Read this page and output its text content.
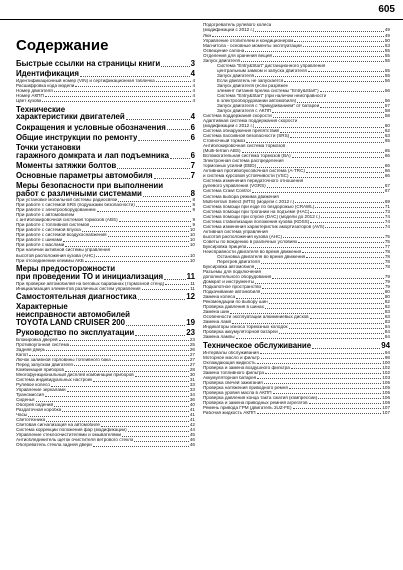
605
Содержание
Быстрые ссылки на страницы книги	3
Идентификация	4
Идентификационный номер (VIN) и сертификационная табличка	4
Расшифровка кода модели	4
Номер двигателя	4
Номер АКПП	4
Цвет кузова	4
Технические
характеристики двигателей	4
Сокращения и условные обозначения	6
Общие инструкции по ремонту	6
Точки установки
гаражного домкрата и лап подъемника	6
Моменты затяжки болтов	7
Основные параметры автомобиля	7
Меры безопасности при выполнении
работ с различными системами	8
При установке мобильной системы радиосвязи	8
При работе с системой SRS (подушками безопасности)	8
При работе с электрооборудованием	9
При работе с автомобилем
с антиблокировочной системой тормозов (ABS)	9
При работе с топливной системой	9
При работе с системой впуска	10
При работе с системой воздухоснабжения	10
При работе с шинами	10
При работе с маслами	10
При наличии активной системы управления
высотой расположения кузова (AHC)	10
При отсоединении клеммы АКБ	10
Меры предосторожности
при проведении ТО и инициализация	11
При проверке автомобилей на беговых барабанах (тормозной стенд)	11
Инициализация элементов различных систем управления	11
Самостоятельная диагностика	12
Характерные
неисправности автомобилей
TOYOTA LAND CRUISER 200	19
Руководство по эксплуатации	23
Блокировка дверей	23
Противоугонная система	25
Задняя дверь	26
Капот	27
Лючок заливной горловины топливного бака	27
Перед запуском двигателя	27
Комбинация приборов	28
Многофункциональный дисплей комбинации приборов	30
Система индивидуальных настроек	31
Рулевое колесо	33
Управление зеркалами	33
Трансмиссия	34
Сиденья	36
Обогрев сидений	40
Раздаточная коробка	41
Часы	41
Светотехника	41
Световая сигнализация на автомобиле	42
Система коррекции положения фар (модификации)	44
Управление стеклоочистителями и омывателями	45
Антиоблединитель щеток очистителя ветрового стекла	46
Обогреватель стекла задней двери	46
Подогреватель рулевого колеса
(модификации с 2012 г.)	49
Люк	49
Управление отопителем и кондиционером	50
Магнитола - основные моменты эксплуатации	53
Освещение салона	55
Отделения для хранения вещей	55
Запуск двигателя	55
Система "Entry&Start" дистанционного управления
центральным замком и запуска двигателя	55
Запуск двигателя	55
Если двигатель не запускается	56
Запуск двигателя (если разряжен
элемент питания брелка системы "Entry&Start")	56
Система "Entry&Start" (при наличии неисправности
в электрооборудовании автомобиля)	56
Запуск двигателя с "прикуриванием" от батареи	57
Запуск двигателя с АКПП	58
Система поддержания скорости	58
Адаптивная система поддержания скорости
(модификации с 2012 г.)	60
Система обнаружения препятствий	62
Система пассивной безопасности (SRS)	63
Стояночный тормоз	65
Антиблокировочная система тормозов
(Multi-terrain ABS)	65
Вспомогательная система тормозов (BA)	66
Электронная система распределения
тормозных усилий (EBD)	66
Активная противобуксовочная система (A-TRC)	66
и система курсовой устойчивости (VSC)	66
Система изменения передаточного отношения
рулевого управления (VGRS)	67
Система Crawl Control	67
Система выбора режима движения
Multi-terrain Select (MTS) (модели с 2012 г.)	69
Система помощи при езде по бездорожью (CRAWL)	71
Система помощи при трогании на подъеме (HAC)	73
Система помощи при спуске (DAC) (модели до 2012 г.)	74
Система стабилизации положения кузова (KDSS)	74
Система изменения характеристик амортизаторов (AVS)	74
Активная система управления
высотой расположения кузова (AHC)	75
Советы по вождению в различных условиях	75
Буксировка прицепа	77
Неисправности двигателя во время движения	78
Остановка двигателя во время движения	78
Перегрев двигателя	78
Буксировка автомобиля	78
Разъемы для подключения
дополнительного оборудования	79
Домкрат и инструменты	79
Подкапотное пространство	79
Подкачивание автомобиля	80
Замена колеса	80
Рекомендации по выбору шин	82
Проверка давления в шинах	82
Замена шин	83
Особенности эксплуатации алюминиевых дисков	83
Замена ламп	83
Индикаторы износа тормозных колодок	84
Проверка аккумуляторной батареи	84
Замена лампы	84
Техническое обслуживание	94
Интервалы обслуживания	94
Моторное масло и фильтр	98
Охлаждающая жидкость	100
Проверка и замена воздушного фильтра	102
Замена топливного фильтра	102
Аккумуляторная батарея	103
Проверка свечей зажигания	105
Проверка натяжения приводного ремня	105
Проверка уровня масла в АКПП	105
Проверка давления конца такта сжатия (компрессии)	106
Проверка и замена приводных ремней агрегатов	106
Ремень привода ГРМ (двигатель 2UZ-FE)	107
Рабочая жидкость АКПП	107
